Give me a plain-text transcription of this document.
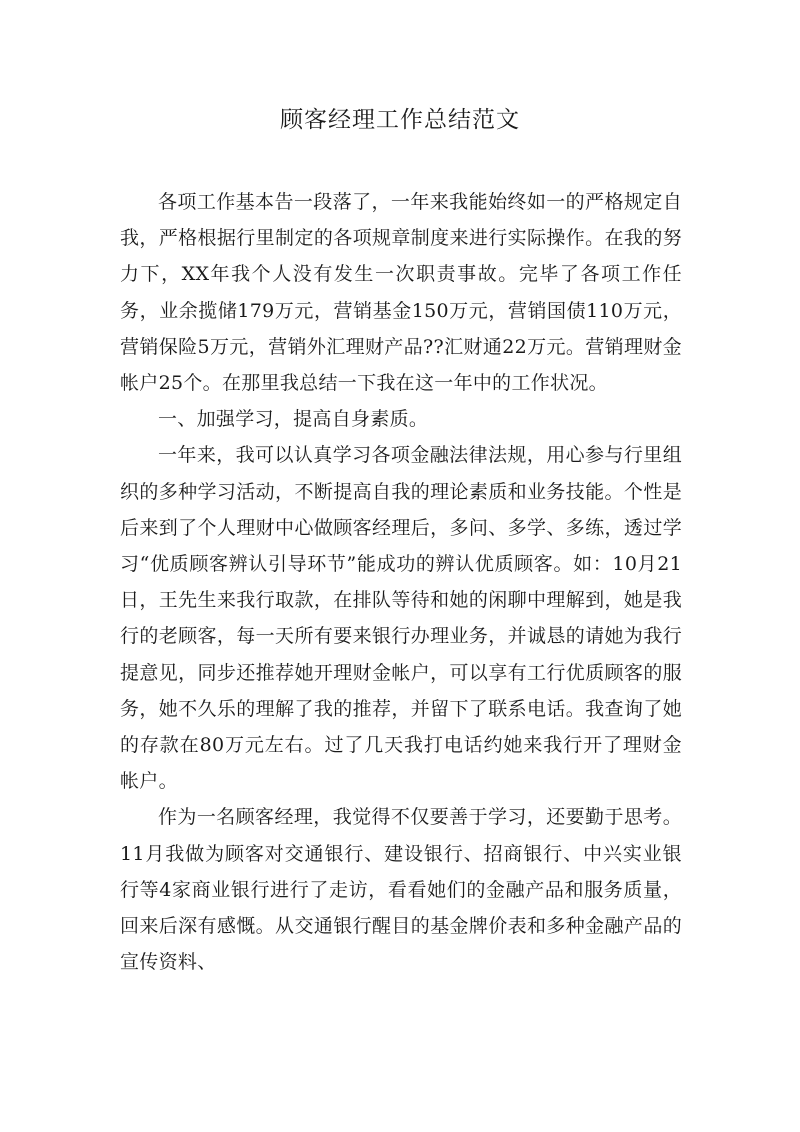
顾客经理工作总结范文

各项工作基本告一段落了，一年来我能始终如一的严格规定自我，严格根据行里制定的各项规章制度来进行实际操作。在我的努力下，XX年我个人没有发生一次职责事故。完毕了各项工作任务，业余揽储179万元，营销基金150万元，营销国债110万元，营销保险5万元，营销外汇理财产品??汇财通22万元。营销理财金帐户25个。在那里我总结一下我在这一年中的工作状况。

一、加强学习，提高自身素质。

一年来，我可以认真学习各项金融法律法规，用心参与行里组织的多种学习活动，不断提高自我的理论素质和业务技能。个性是后来到了个人理财中心做顾客经理后，多问、多学、多练，透过学习“优质顾客辨认引导环节”能成功的辨认优质顾客。如：10月21日，王先生来我行取款，在排队等待和她的闲聊中理解到，她是我行的老顾客，每一天所有要来银行办理业务，并诚恳的请她为我行提意见，同步还推荐她开理财金帐户，可以享有工行优质顾客的服务，她不久乐的理解了我的推荐，并留下了联系电话。我查询了她的存款在80万元左右。过了几天我打电话约她来我行开了理财金帐户。

作为一名顾客经理，我觉得不仅要善于学习，还要勤于思考。11月我做为顾客对交通银行、建设银行、招商银行、中兴实业银行等4家商业银行进行了走访，看看她们的金融产品和服务质量，回来后深有感慨。从交通银行醒目的基金牌价表和多种金融产品的宣传资料、
